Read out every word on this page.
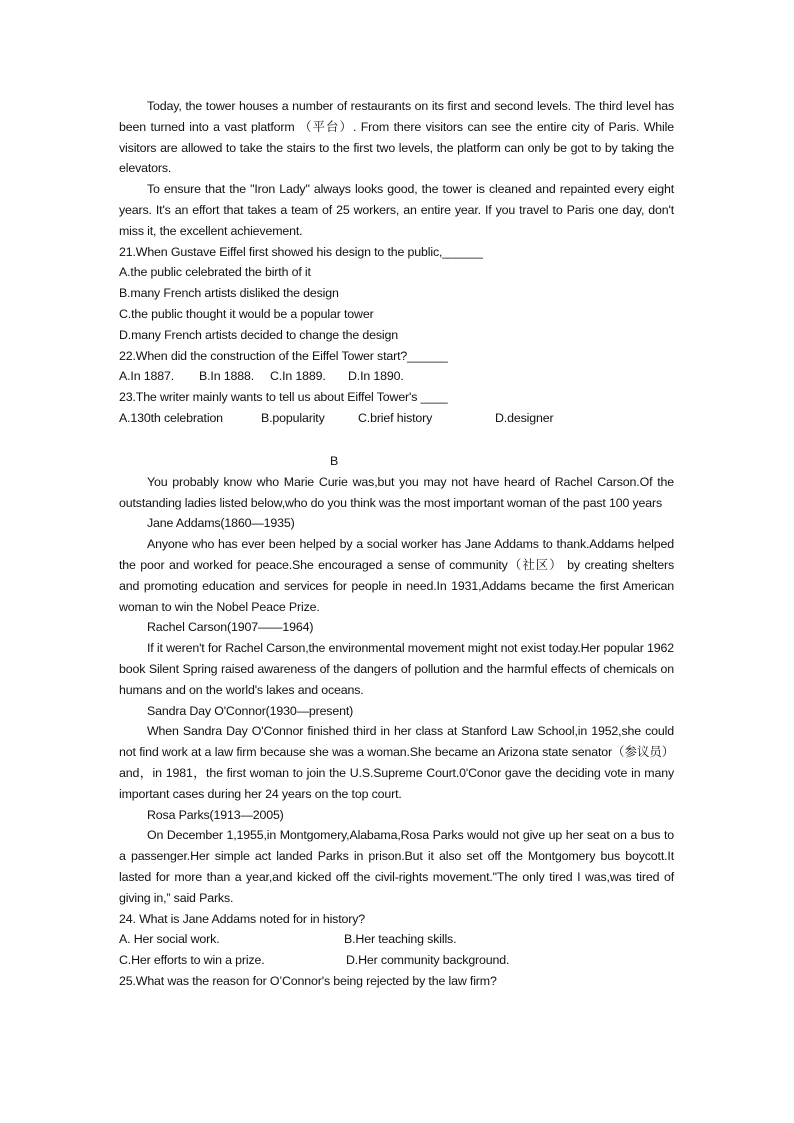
Today, the tower houses a number of restaurants on its first and second levels. The third level has been turned into a vast platform （平台）. From there visitors can see the entire city of Paris. While visitors are allowed to take the stairs to the first two levels, the platform can only be got to by taking the elevators.

To ensure that the "Iron Lady" always looks good, the tower is cleaned and repainted every eight years. It's an effort that takes a team of 25 workers, an entire year. If you travel to Paris one day, don't miss it, the excellent achievement.

21.When Gustave Eiffel first showed his design to the public,______

A.the public celebrated the birth of it

B.many French artists disliked the design

C.the public thought it would be a popular tower

D.many French artists decided to change the design

22.When did the construction of the Eiffel Tower start?______

A.In 1887. B.In 1888. C.In 1889. D.In 1890.

23.The writer mainly wants to tell us about Eiffel Tower's ____

A.130th celebration	B.popularity	C.brief history	D.designer

B

You probably know who Marie Curie was,but you may not have heard of Rachel Carson.Of the outstanding ladies listed below,who do you think was the most important woman of the past 100 years

Jane Addams(1860—1935)

Anyone who has ever been helped by a social worker has Jane Addams to thank.Addams helped the poor and worked for peace.She encouraged a sense of community（社区） by creating shelters and promoting education and services for people in need.In 1931,Addams became the first American woman to win the Nobel Peace Prize.

Rachel Carson(1907——1964)

If it weren't for Rachel Carson,the environmental movement might not exist today.Her popular 1962 book Silent Spring raised awareness of the dangers of pollution and the harmful effects of chemicals on humans and on the world's lakes and oceans.

Sandra Day O'Connor(1930—present)

When Sandra Day O'Connor finished third in her class at Stanford Law School,in 1952,she could not find work at a law firm because she was a woman.She became an Arizona state senator（参议员）and，in 1981，the first woman to join the U.S.Supreme Court.0'Conor gave the deciding vote in many important cases during her 24 years on the top court.

Rosa Parks(1913—2005)

On December 1,1955,in Montgomery,Alabama,Rosa Parks would not give up her seat on a bus to a passenger.Her simple act landed Parks in prison.But it also set off the Montgomery bus boycott.It lasted for more than a year,and kicked off the civil-rights movement."The only tired I was,was tired of giving in,” said Parks.

24. What is Jane Addams noted for in history?

A. Her social work.	B.Her teaching skills.
C.Her efforts to win a prize.	D.Her community background.

25.What was the reason for O’Connor's being rejected by the law firm?
